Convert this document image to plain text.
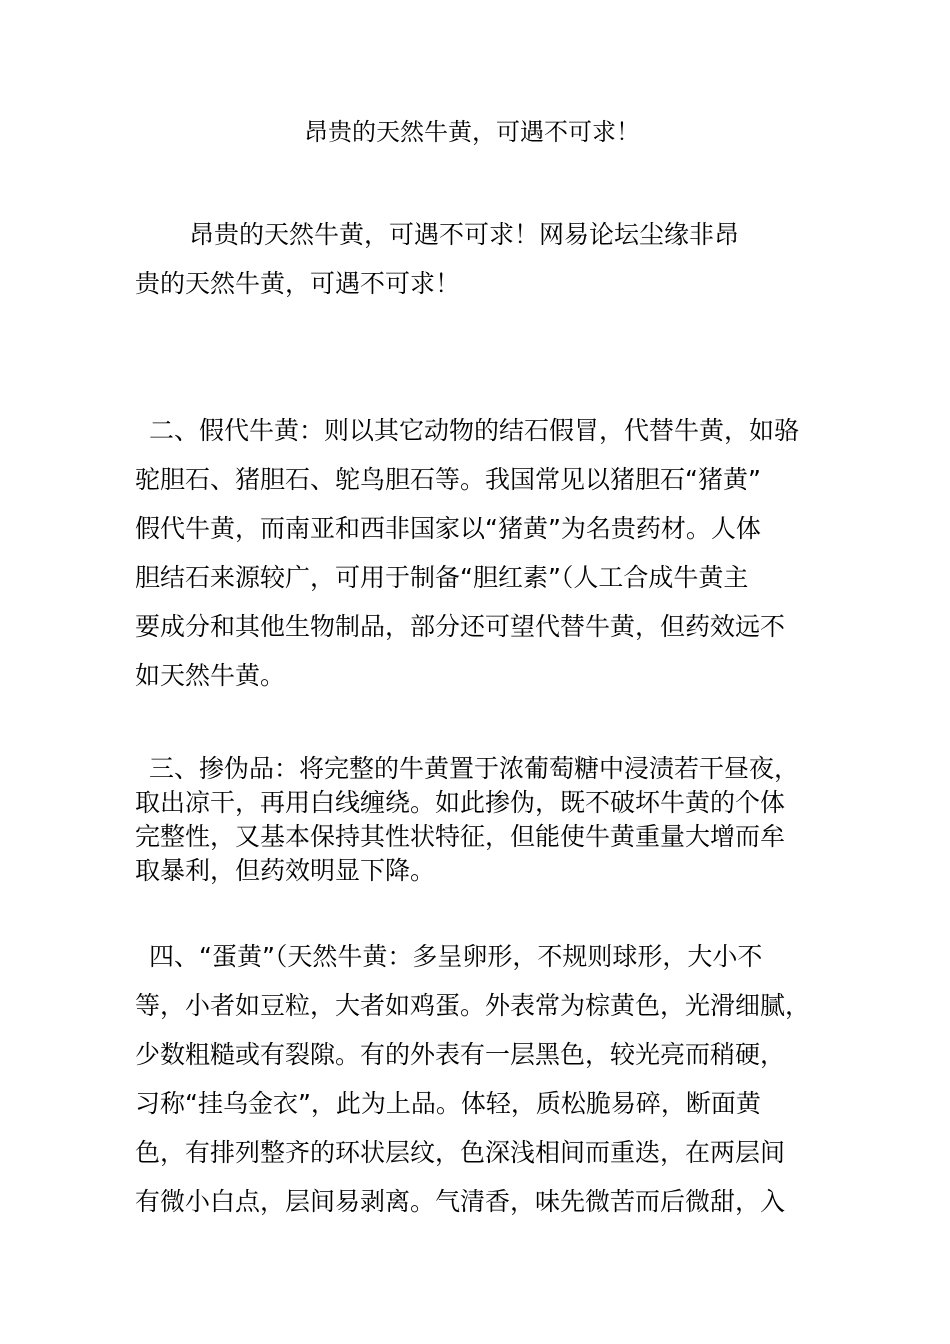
昂贵的天然牛黄，可遇不可求！
昂贵的天然牛黄，可遇不可求！网易论坛尘缘非昂
贵的天然牛黄，可遇不可求！
二、假代牛黄：则以其它动物的结石假冒，代替牛黄，如骆
驼胆石、猪胆石、鸵鸟胆石等。我国常见以猪胆石“猪黄”
假代牛黄，而南亚和西非国家以“猪黄”为名贵药材。人体
胆结石来源较广，可用于制备“胆红素”（人工合成牛黄主
要成分和其他生物制品，部分还可望代替牛黄，但药效远不
如天然牛黄。
三、掺伪品：将完整的牛黄置于浓葡萄糖中浸渍若干昼夜，
取出凉干，再用白线缠绕。如此掺伪，既不破坏牛黄的个体
完整性，又基本保持其性状特征，但能使牛黄重量大增而牟
取暴利，但药效明显下降。
四、“蛋黄”（天然牛黄：多呈卵形，不规则球形，大小不
等，小者如豆粒，大者如鸡蛋。外表常为棕黄色，光滑细腻，
少数粗糙或有裂隙。有的外表有一层黑色，较光亮而稍硬，
习称“挂乌金衣”，此为上品。体轻，质松脆易碎，断面黄
色，有排列整齐的环状层纹，色深浅相间而重迭，在两层间
有微小白点，层间易剥离。气清香，味先微苦而后微甜，入
